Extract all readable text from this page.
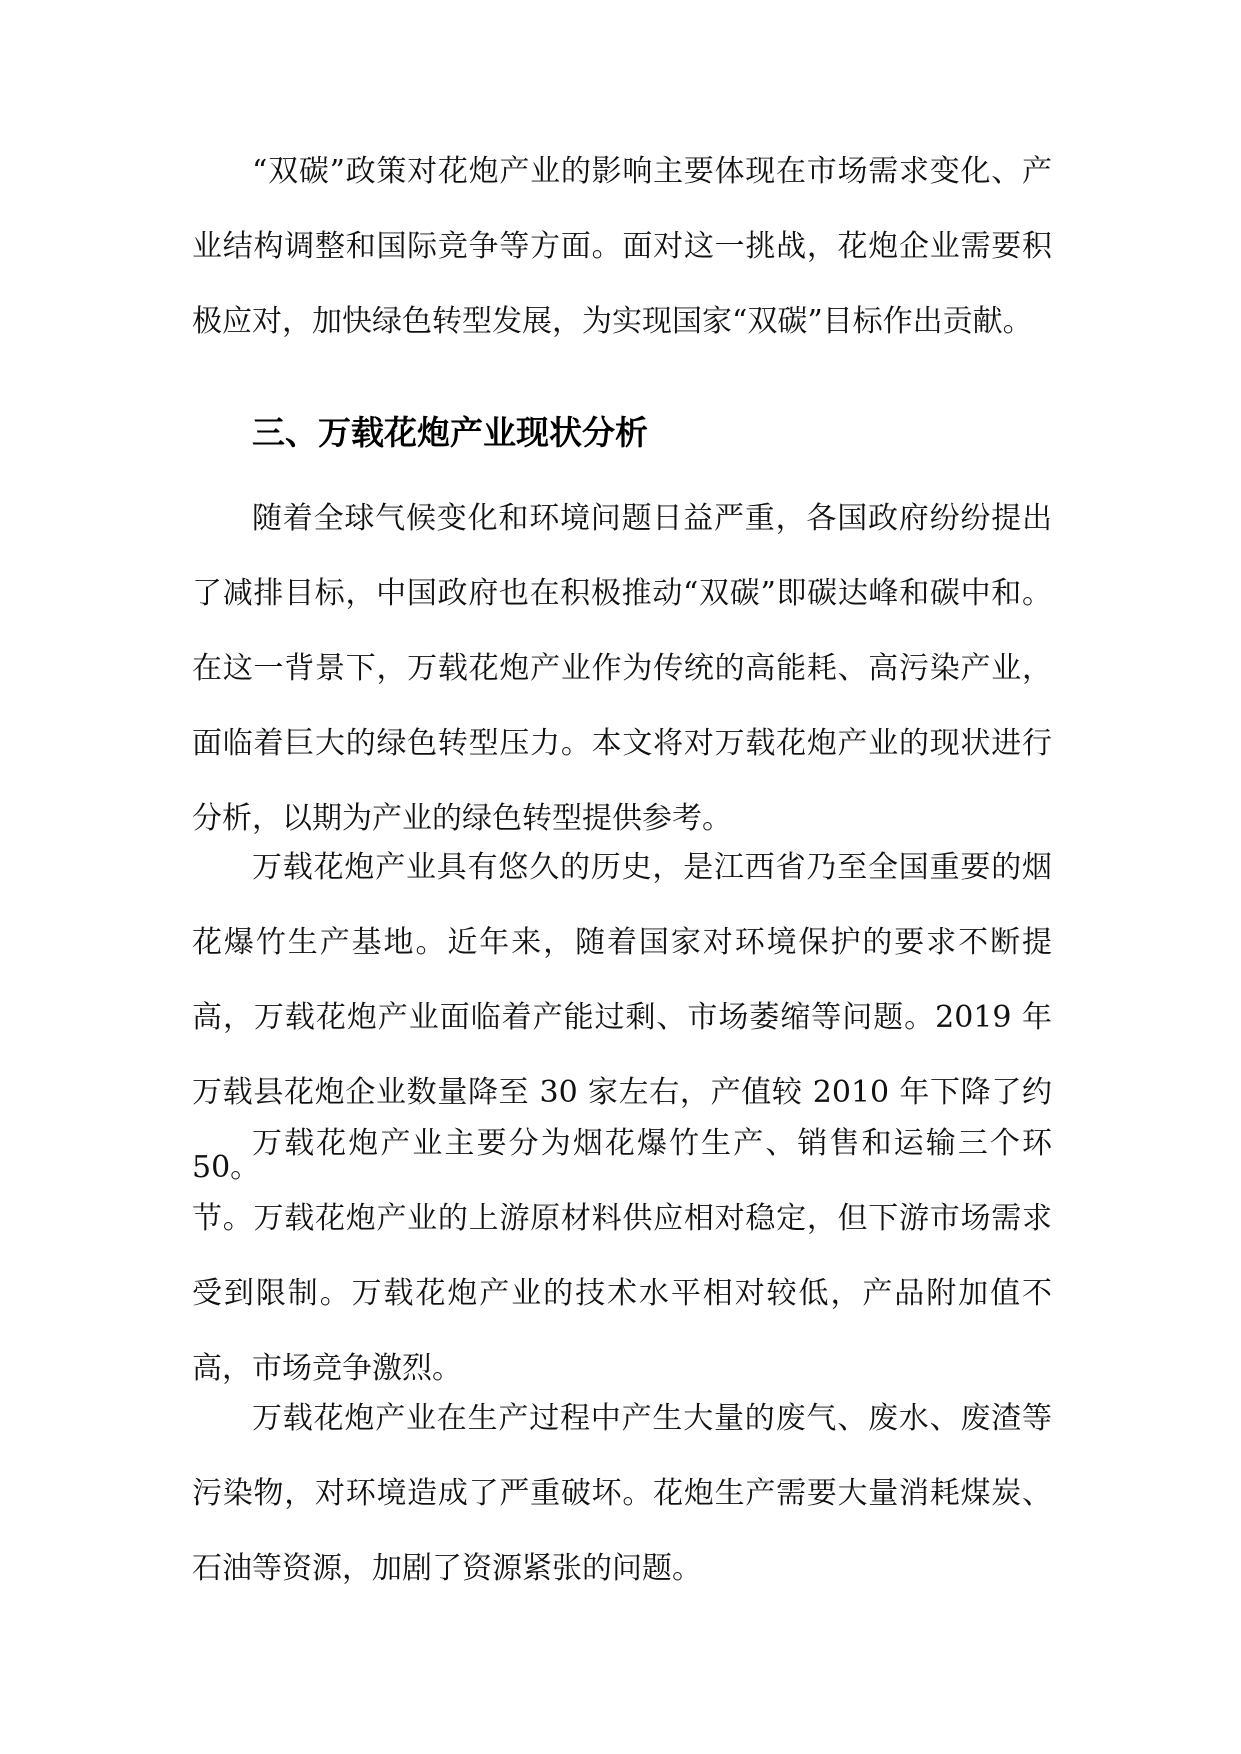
“双碳”政策对花炮产业的影响主要体现在市场需求变化、产业结构调整和国际竞争等方面。面对这一挑战，花炮企业需要积极应对，加快绿色转型发展，为实现国家“双碳”目标作出贡献。

三、万载花炮产业现状分析

随着全球气候变化和环境问题日益严重，各国政府纷纷提出了减排目标，中国政府也在积极推动“双碳”即碳达峰和碳中和。在这一背景下，万载花炮产业作为传统的高能耗、高污染产业，面临着巨大的绿色转型压力。本文将对万载花炮产业的现状进行分析，以期为产业的绿色转型提供参考。

万载花炮产业具有悠久的历史，是江西省乃至全国重要的烟花爆竹生产基地。近年来，随着国家对环境保护的要求不断提高，万载花炮产业面临着产能过剩、市场萎缩等问题。2019 年万载县花炮企业数量降至 30 家左右，产值较 2010 年下降了约 50。

万载花炮产业主要分为烟花爆竹生产、销售和运输三个环节。万载花炮产业的上游原材料供应相对稳定，但下游市场需求受到限制。万载花炮产业的技术水平相对较低，产品附加值不高，市场竞争激烈。

万载花炮产业在生产过程中产生大量的废气、废水、废渣等污染物，对环境造成了严重破坏。花炮生产需要大量消耗煤炭、石油等资源，加剧了资源紧张的问题。
